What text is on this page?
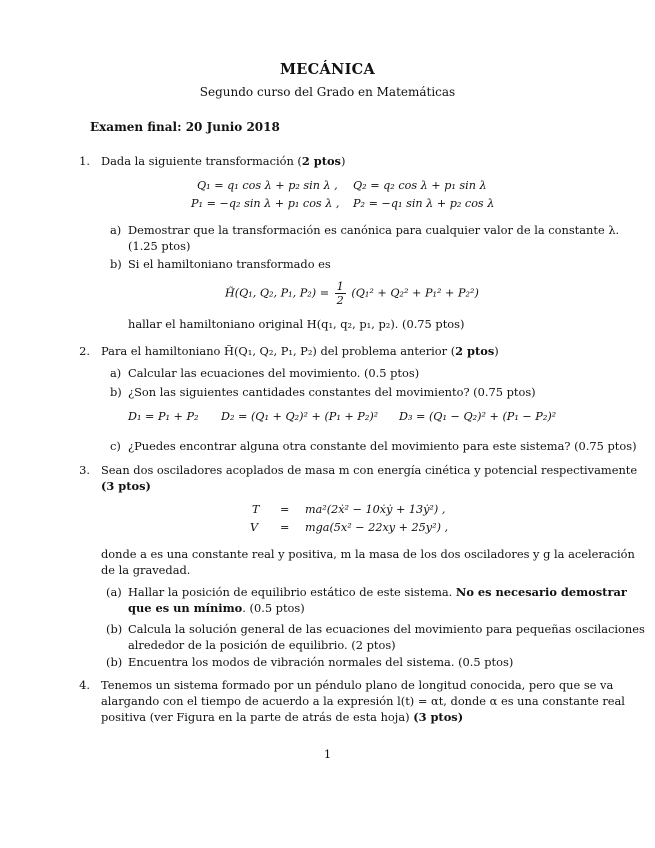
MECÁNICA
Segundo curso del Grado en Matemáticas
Examen final: 20 Junio 2018
1. Dada la siguiente transformación (2 ptos)
Q₁ = q₁ cos λ + p₂ sin λ , Q₂ = q₂ cos λ + p₁ sin λ
P₁ = −q₂ sin λ + p₁ cos λ , P₂ = −q₁ sin λ + p₂ cos λ
a) Demostrar que la transformación es canónica para cualquier valor de la constante λ.
(1.25 ptos)
b) Si el hamiltoniano transformado es
H̃(Q₁, Q₂, P₁, $P_2) = \frac{1}{2} (Q_1^2 + Q_2^2 + P_1^2 + P_2^2)$
hallar el hamiltoniano original H(q₁, q₂, p₁, p₂). (0.75 ptos)
2. Para el hamiltoniano H̃(Q₁, Q₂, P₁, P₂) del problema anterior (2 ptos)
a) Calcular las ecuaciones del movimiento. (0.5 ptos)
b) ¿Son las siguientes cantidades constantes del movimiento? (0.75 ptos)
D₁ = P₁ + P₂ D₂ = (Q₁ + Q₂)² + (P₁ + P₂)² D₃ = (Q₁ − Q₂)² + (P₁ − P₂)²
c) ¿Puedes encontrar alguna otra constante del movimiento para este sistema? (0.75 ptos)
3. Sean dos osciladores acoplados de masa m con energía cinética y potencial respectivamente
(3 ptos)
T = ma²(2ẋ² − 10ẋẏ + 13ẏ²) ,
V = mga(5x² − 22xy + 25y²) ,
donde a es una constante real y positiva, m la masa de los dos osciladores y g la aceleración
de la gravedad.
(a) Hallar la posición de equilibrio estático de este sistema. No es necesario demostrar
que es un mínimo. (0.5 ptos)
(b) Calcula la solución general de las ecuaciones del movimiento para pequeñas oscilaciones
alrededor de la posición de equilibrio. (2 ptos)
(b) Encuentra los modos de vibración normales del sistema. (0.5 ptos)
4. Tenemos un sistema formado por un péndulo plano de longitud conocida, pero que se va
alargando con el tiempo de acuerdo a la expresión l(t) = αt, donde α es una constante real
positiva (ver Figura en la parte de atrás de esta hoja) (3 ptos)
1
